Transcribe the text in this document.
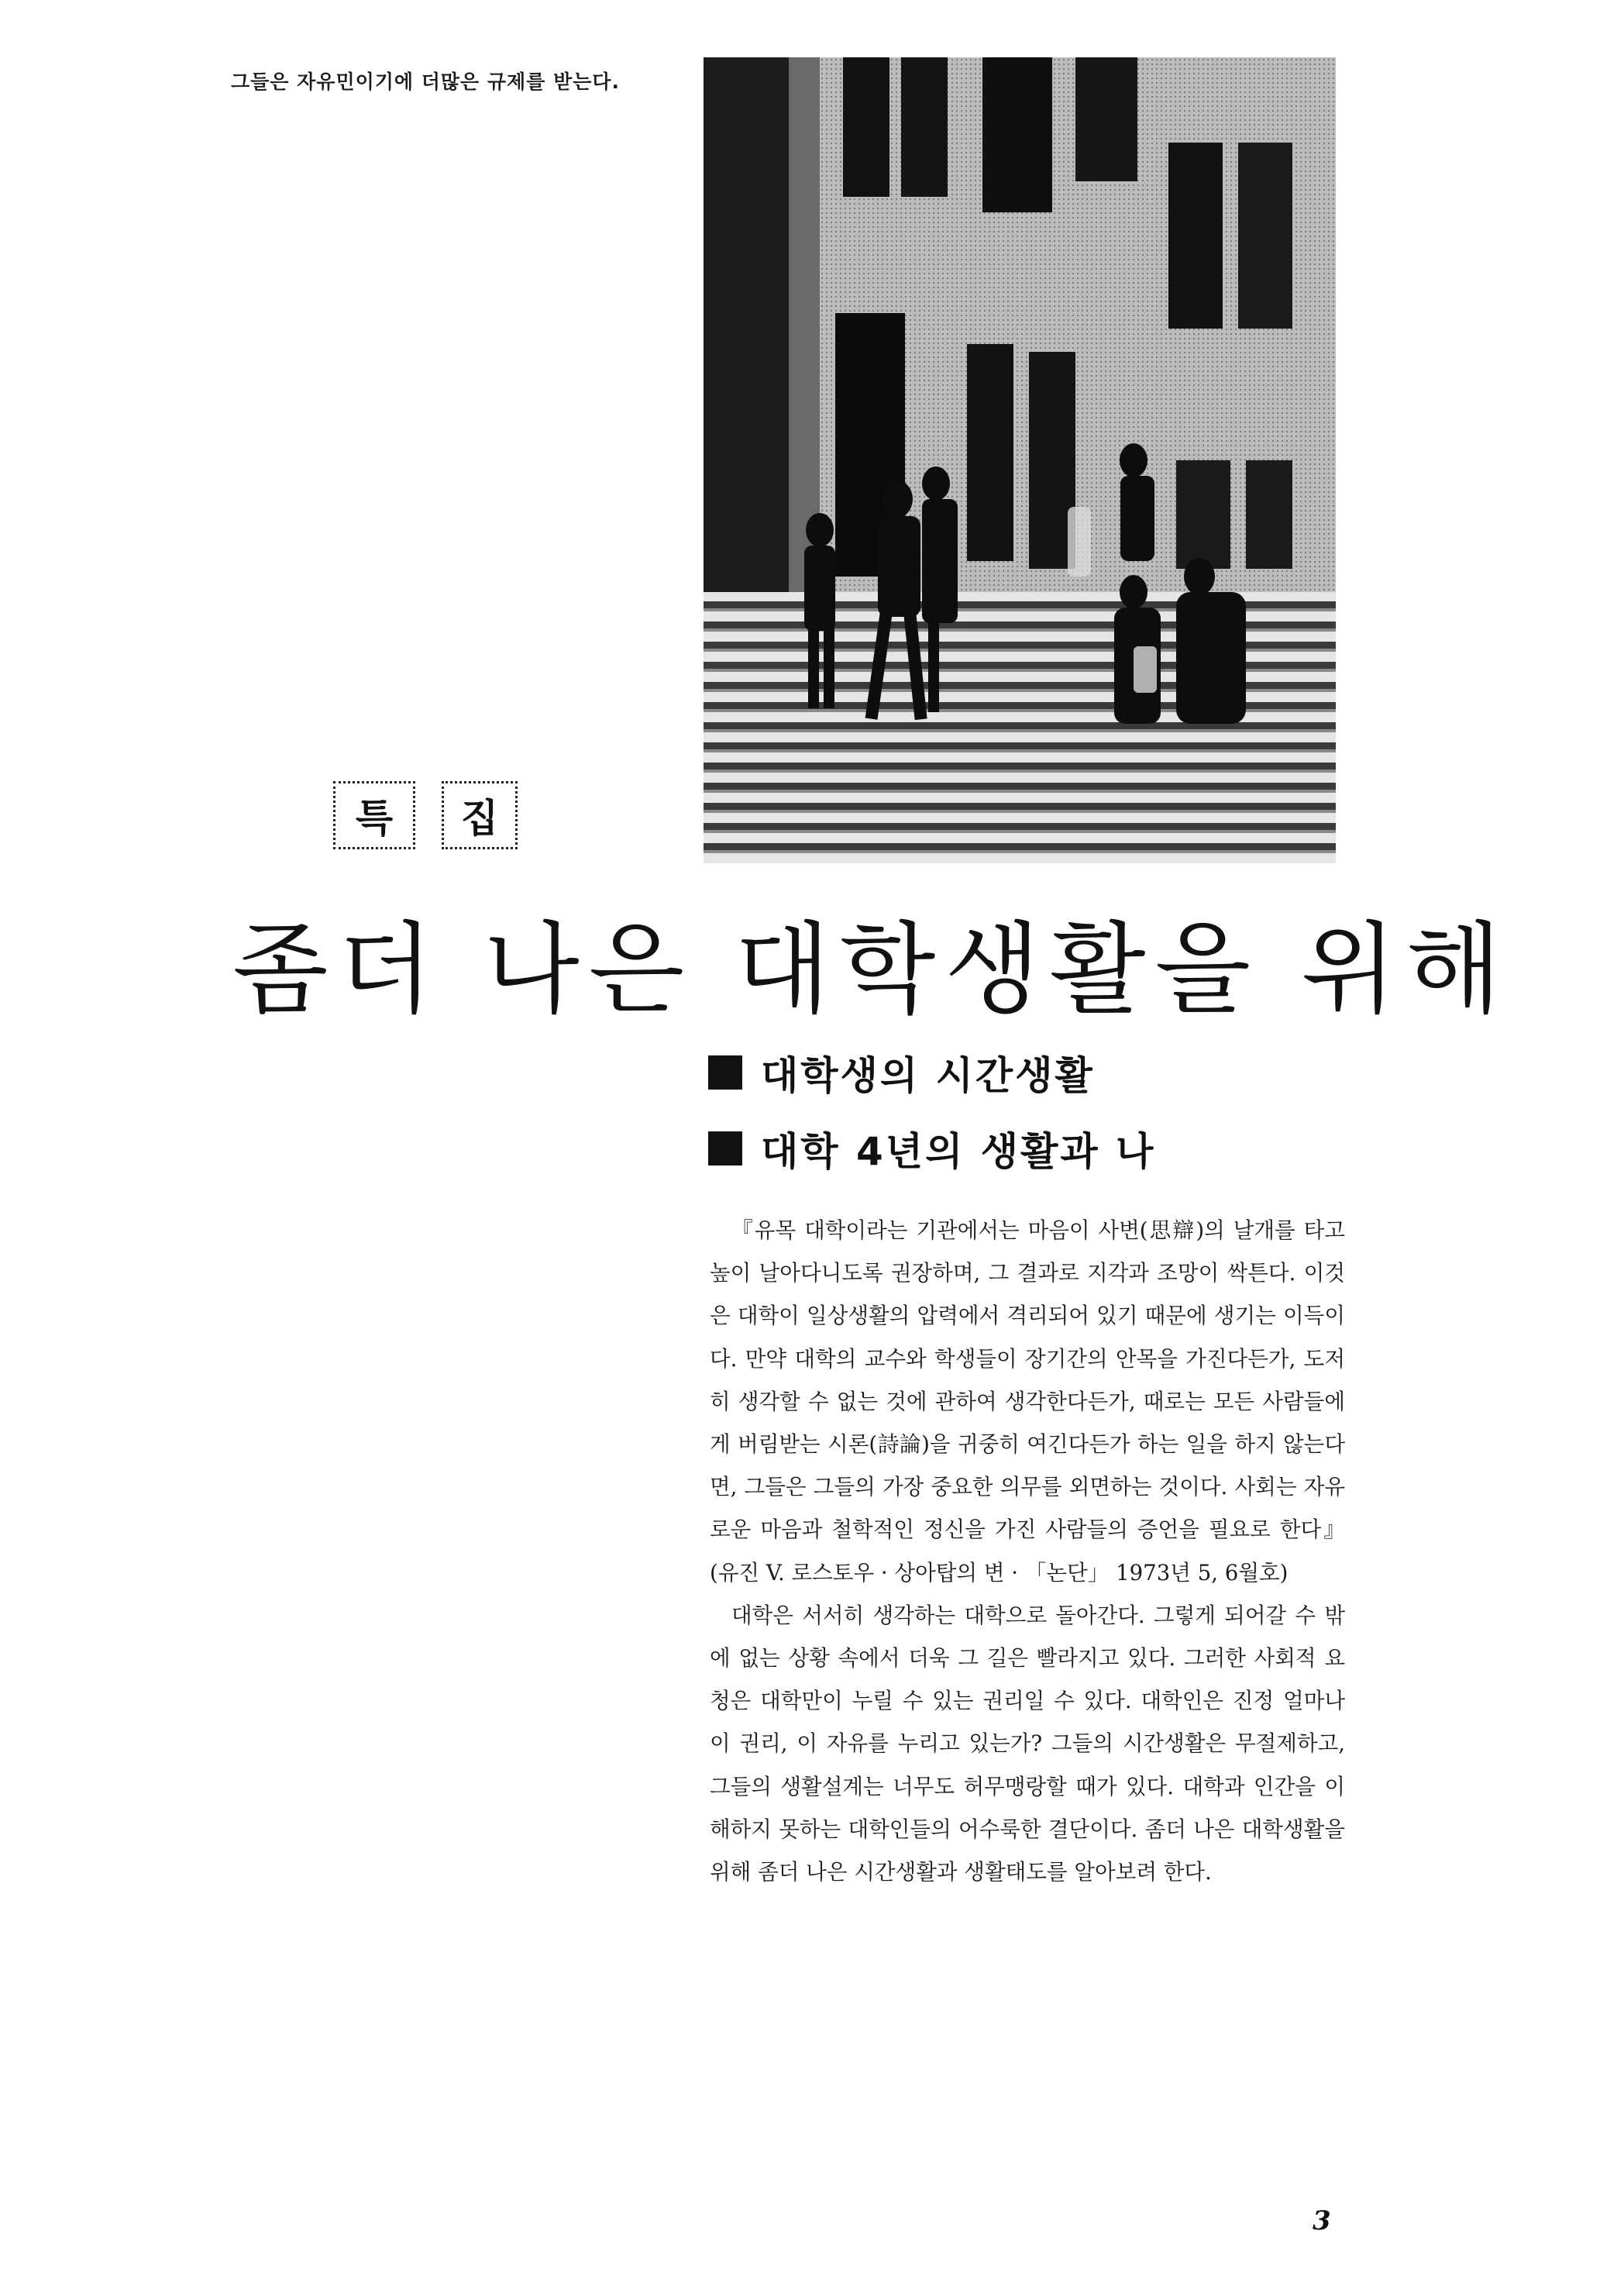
그들은 자유민이기에 더많은 규제를 받는다.
특	집
좀더 나은 대학생활을 위해
대학생의 시간생활
대학 4년의 생활과 나

『유목 대학이라는 기관에서는 마음이 사변(思辯)의 날개를 타고 높이 날아다니도록 권장하며, 그 결과로 지각과 조망이 싹튼다. 이것은 대학이 일상생활의 압력에서 격리되어 있기 때문에 생기는 이득이다. 만약 대학의 교수와 학생들이 장기간의 안목을 가진다든가, 도저히 생각할 수 없는 것에 관하여 생각한다든가, 때로는 모든 사람들에게 버림받는 시론(詩論)을 귀중히 여긴다든가 하는 일을 하지 않는다면, 그들은 그들의 가장 중요한 의무를 외면하는 것이다. 사회는 자유로운 마음과 철학적인 정신을 가진 사람들의 증언을 필요로 한다』(유진 V. 로스토우 · 상아탑의 변 · 「논단」 1973년 5, 6월호)

대학은 서서히 생각하는 대학으로 돌아간다. 그렇게 되어갈 수 밖에 없는 상황 속에서 더욱 그 길은 빨라지고 있다. 그러한 사회적 요청은 대학만이 누릴 수 있는 권리일 수 있다. 대학인은 진정 얼마나 이 권리, 이 자유를 누리고 있는가? 그들의 시간생활은 무절제하고, 그들의 생활설계는 너무도 허무맹랑할 때가 있다. 대학과 인간을 이해하지 못하는 대학인들의 어수룩한 결단이다. 좀더 나은 대학생활을 위해 좀더 나은 시간생활과 생활태도를 알아보려 한다.

3
